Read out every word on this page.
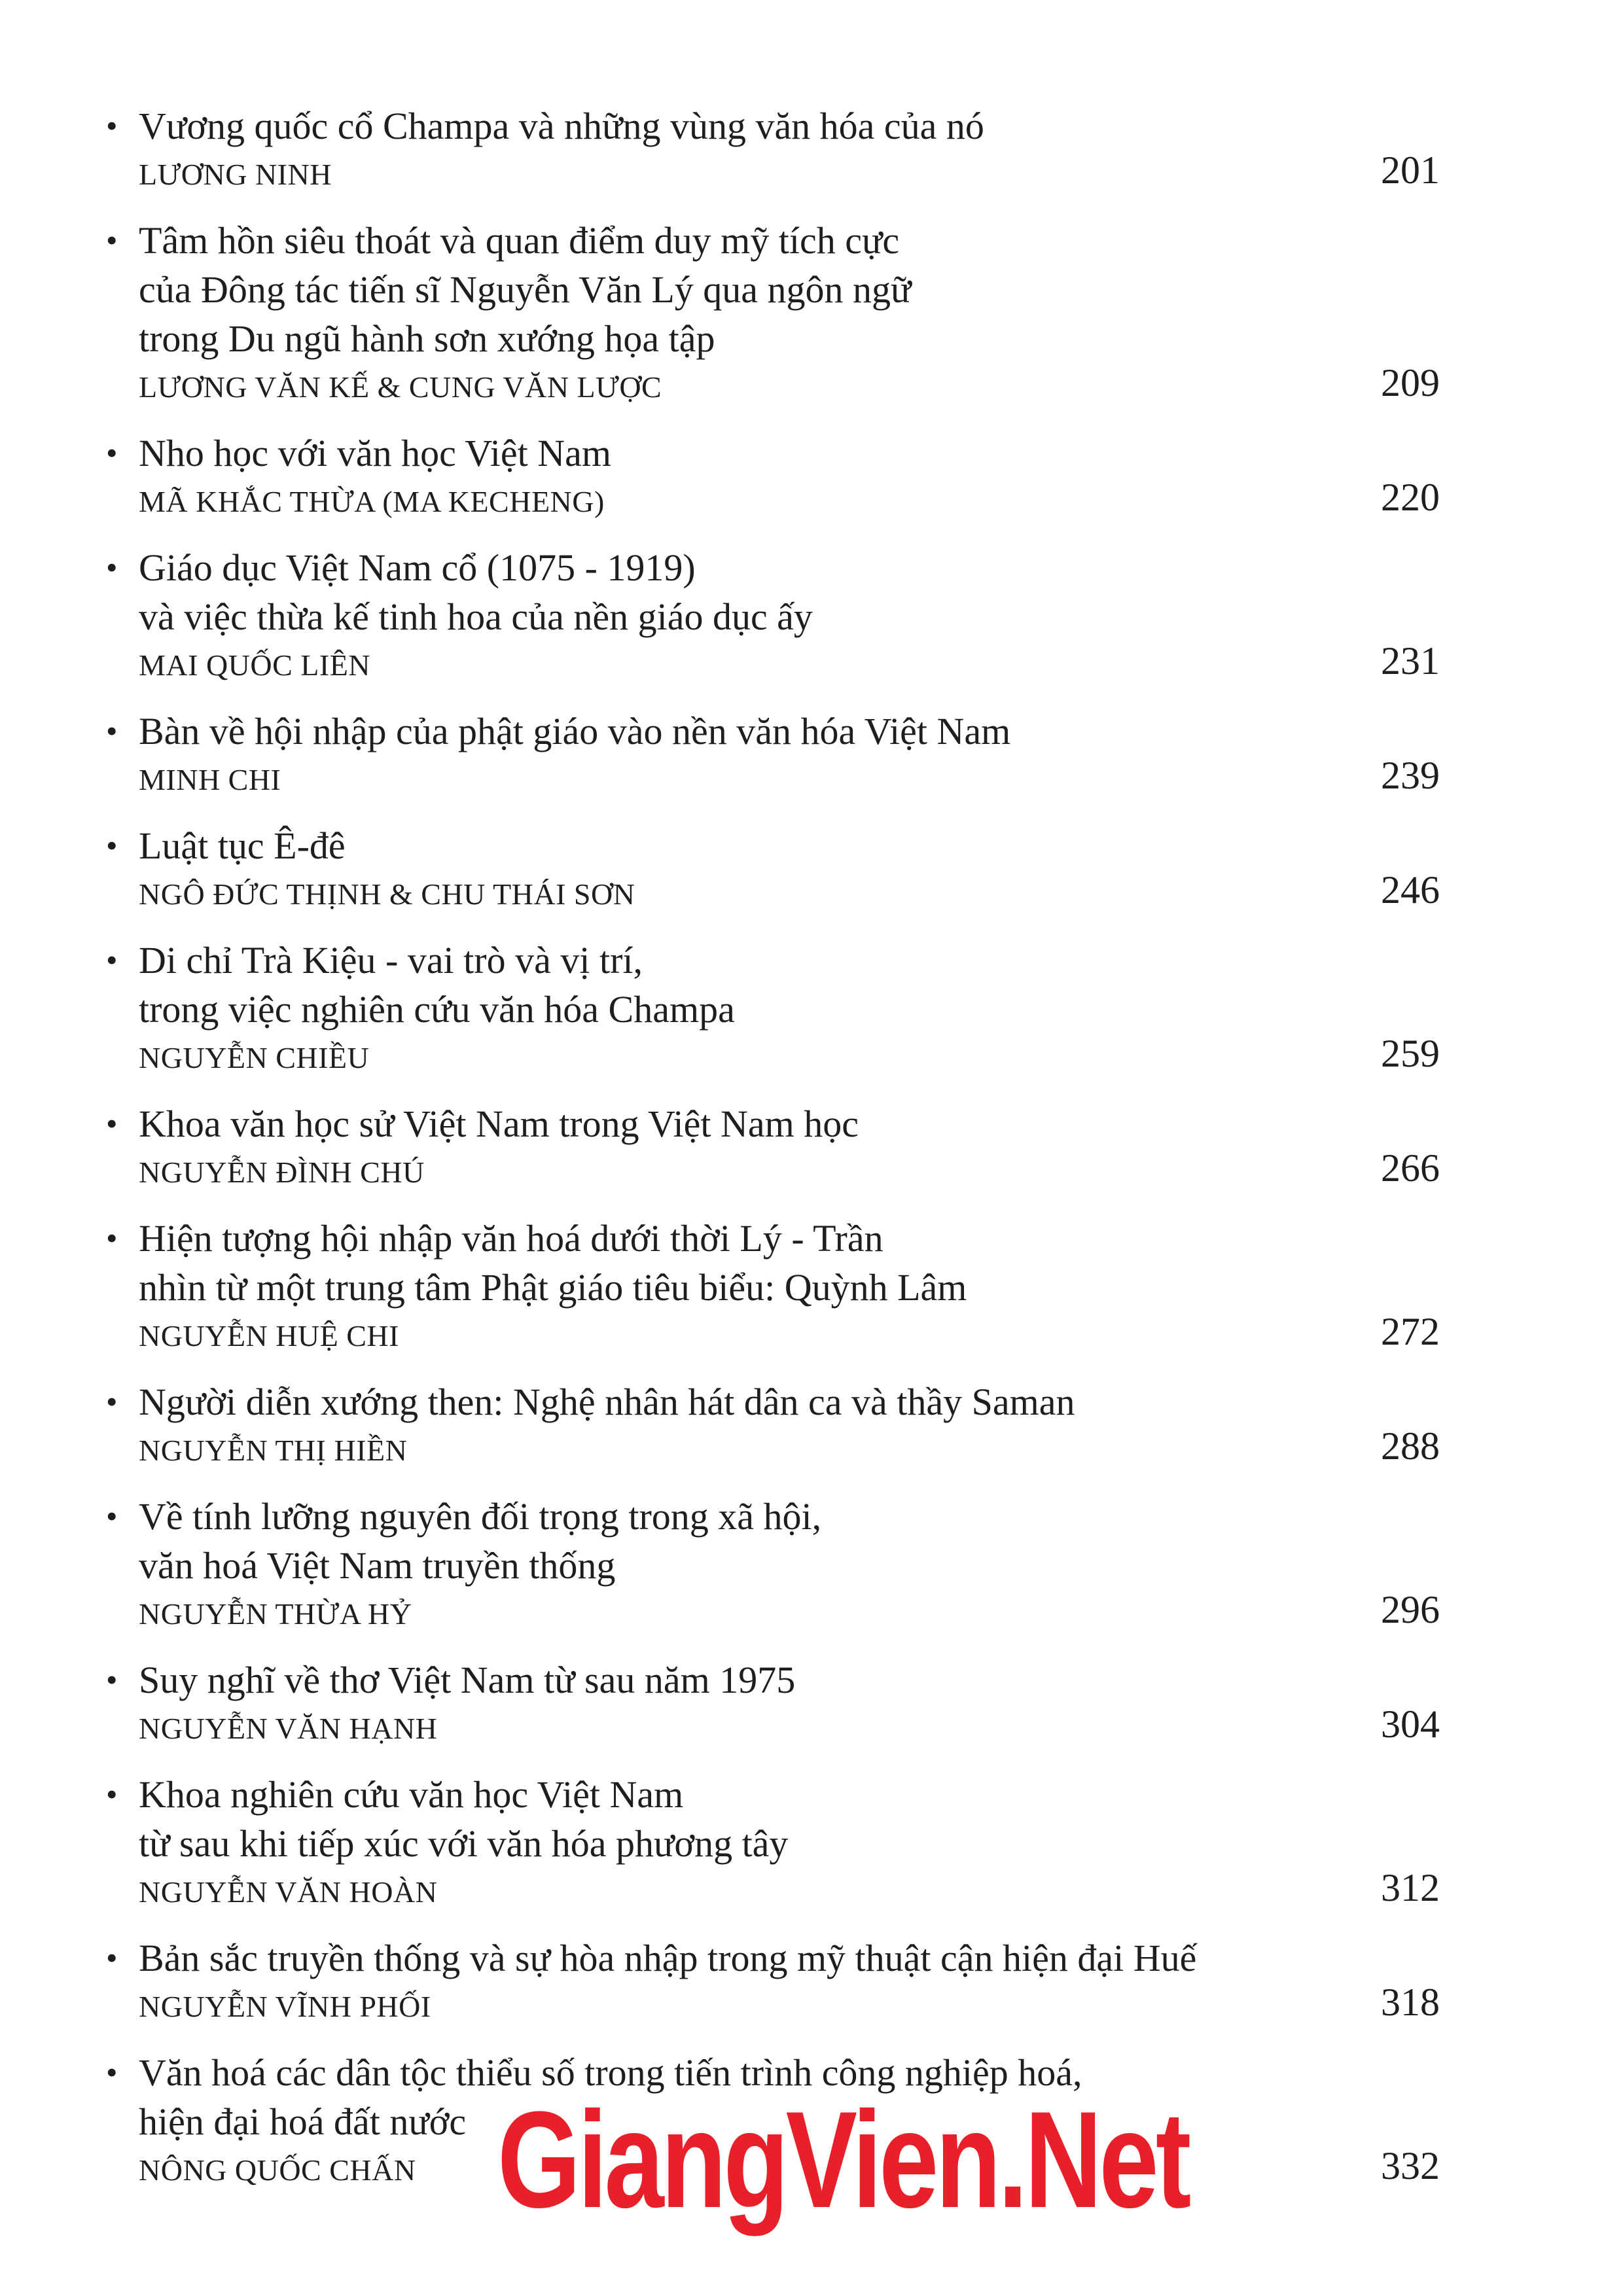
• Vương quốc cổ Champa và những vùng văn hóa của nó
LƯƠNG NINH	201
• Tâm hồn siêu thoát và quan điểm duy mỹ tích cực
của Đông tác tiến sĩ Nguyễn Văn Lý qua ngôn ngữ
trong Du ngũ hành sơn xướng họa tập
LƯƠNG VĂN KẾ & CUNG VĂN LƯỢC	209
• Nho học với văn học Việt Nam
MÃ KHẮC THỪA (MA KECHENG)	220
• Giáo dục Việt Nam cổ (1075 - 1919)
và việc thừa kế tinh hoa của nền giáo dục ấy
MAI QUỐC LIÊN	231
• Bàn về hội nhập của phật giáo vào nền văn hóa Việt Nam
MINH CHI	239
• Luật tục Ê-đê
NGÔ ĐỨC THỊNH & CHU THÁI SƠN	246
• Di chỉ Trà Kiệu - vai trò và vị trí,
trong việc nghiên cứu văn hóa Champa
NGUYỄN CHIỀU	259
• Khoa văn học sử Việt Nam trong Việt Nam học
NGUYỄN ĐÌNH CHÚ	266
• Hiện tượng hội nhập văn hoá dưới thời Lý - Trần
nhìn từ một trung tâm Phật giáo tiêu biểu: Quỳnh Lâm
NGUYỄN HUỆ CHI	272
• Người diễn xướng then: Nghệ nhân hát dân ca và thầy Saman
NGUYỄN THỊ HIỀN	288
• Về tính lưỡng nguyên đối trọng trong xã hội,
văn hoá Việt Nam truyền thống
NGUYỄN THỪA HỶ	296
• Suy nghĩ về thơ Việt Nam từ sau năm 1975
NGUYỄN VĂN HẠNH	304
• Khoa nghiên cứu văn học Việt Nam
từ sau khi tiếp xúc với văn hóa phương tây
NGUYỄN VĂN HOÀN	312
• Bản sắc truyền thống và sự hòa nhập trong mỹ thuật cận hiện đại Huế
NGUYỄN VĨNH PHỐI	318
• Văn hoá các dân tộc thiểu số trong tiến trình công nghiệp hoá,
hiện đại hoá đất nước
NÔNG QUỐC CHẤN	332
GiangVien.Net
